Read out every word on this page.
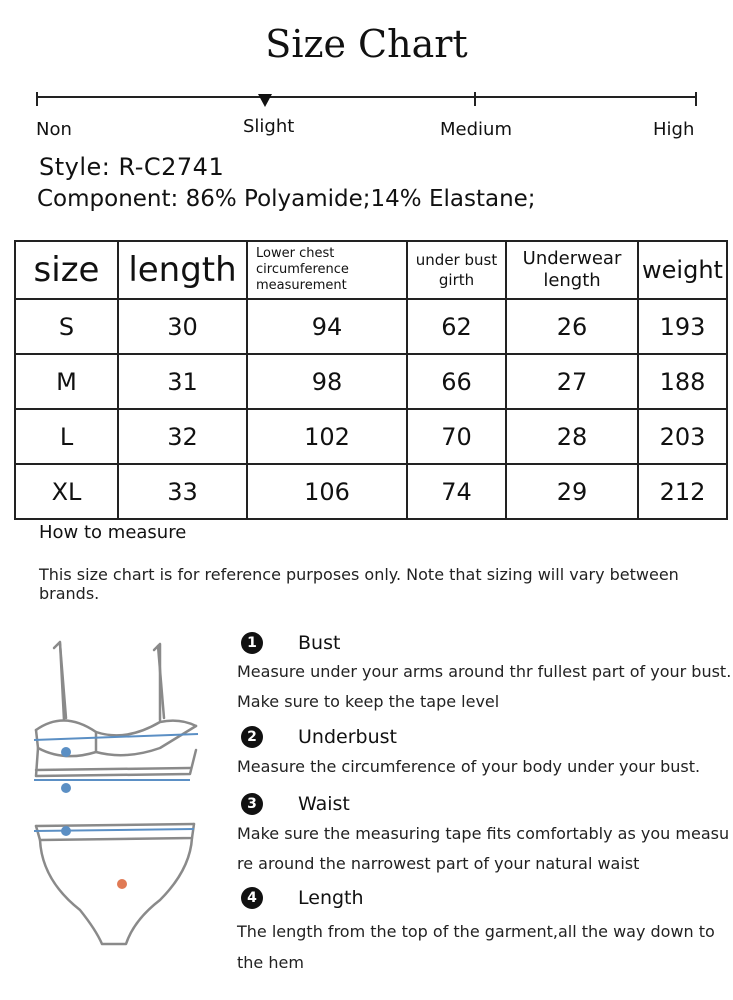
Size Chart
Non	Slight	Medium	High
Style: R-C2741
Component: 86% Polyamide;14% Elastane;
size	length	Lower chest circumference measurement	under bust girth	Underwear length	weight
S	30	94	62	26	193
M	31	98	66	27	188
L	32	102	70	28	203
XL	33	106	74	29	212
How to measure
This size chart is for reference purposes only. Note that sizing will vary between brands.
1	Bust
Measure under your arms around thr fullest part of your bust.
Make sure to keep the tape level
2	Underbust
Measure the circumference of your body under your bust.
3	Waist
Make sure the measuring tape fits comfortably as you measu
re around the narrowest part of your natural waist
4	Length
The length from the top of the garment,all the way down to
the hem
